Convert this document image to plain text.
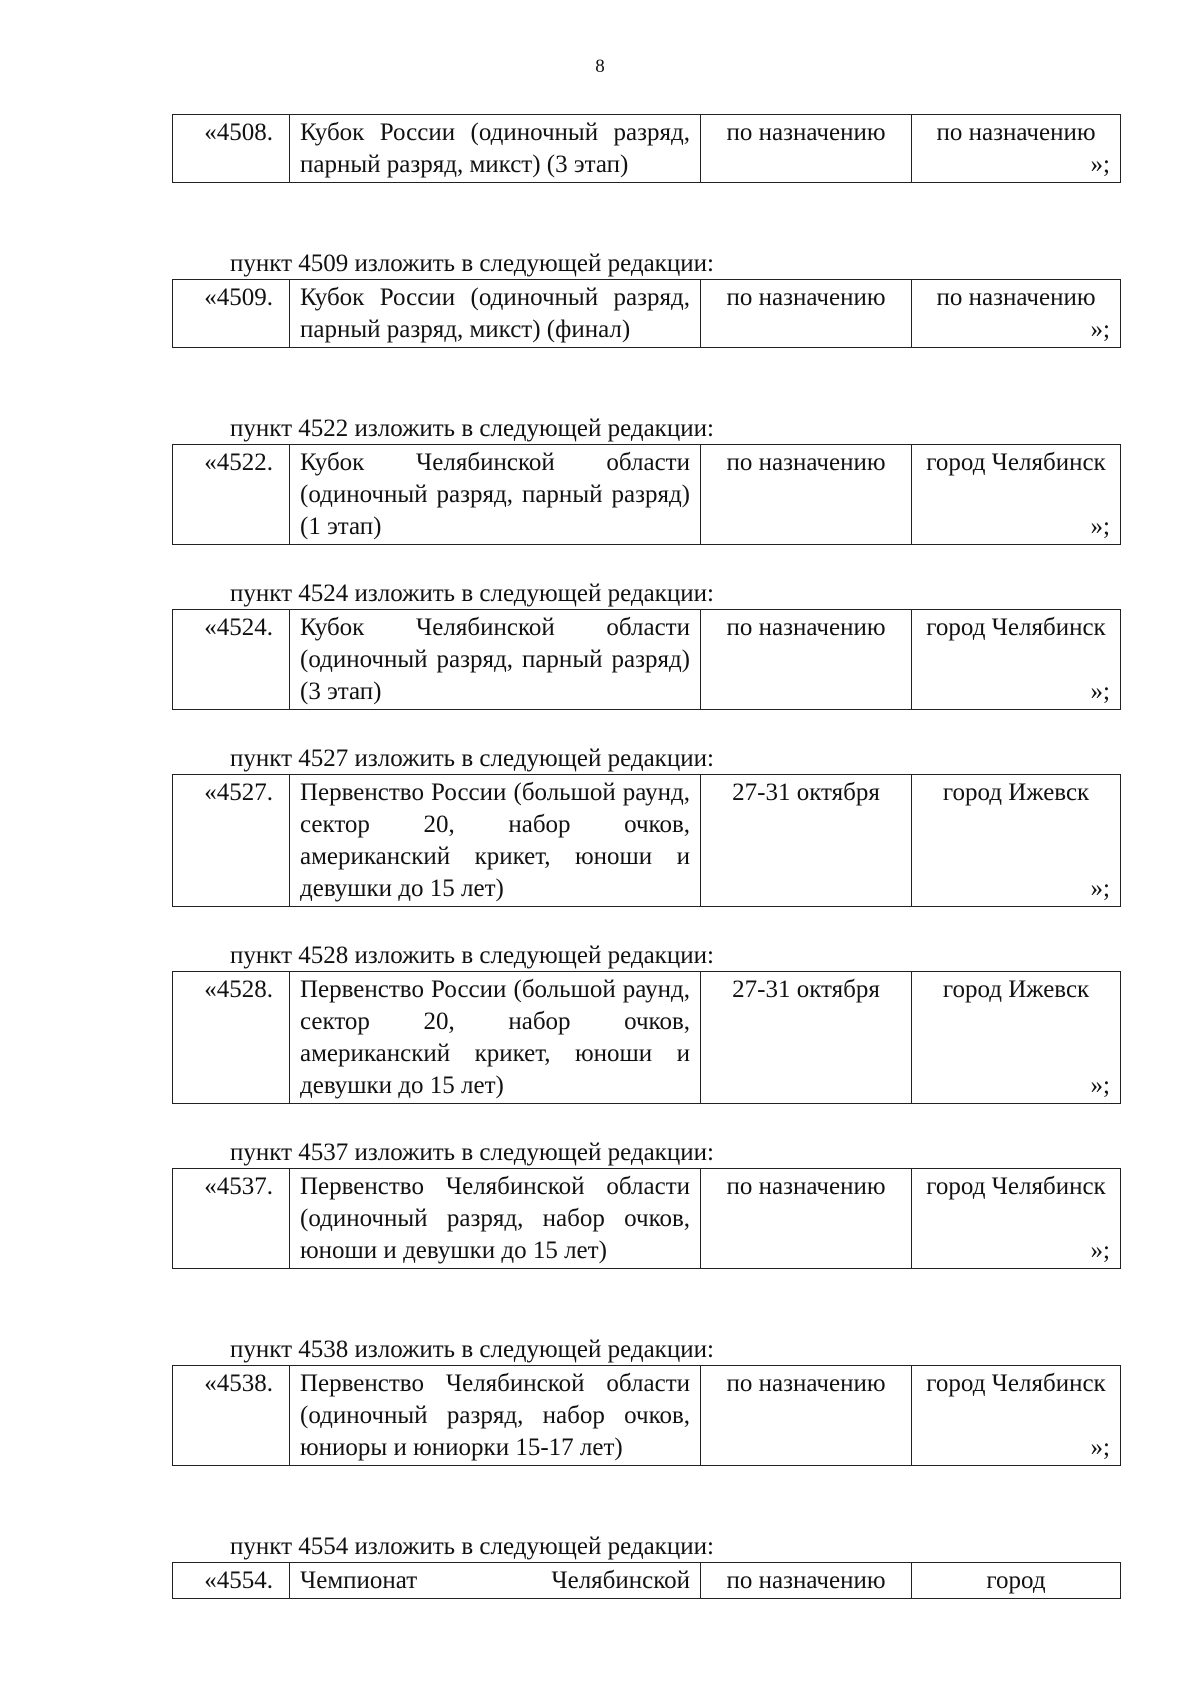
8
«4508.	Кубок России (одиночный разряд, парный разряд, микст) (3 этап)	по назначению	по назначению

»;
пункт 4509 изложить в следующей редакции:
«4509.	Кубок России (одиночный разряд, парный разряд, микст) (финал)	по назначению	по назначению

»;
пункт 4522 изложить в следующей редакции:
«4522.	Кубок Челябинской области (одиночный разряд, парный разряд) (1 этап)	по назначению	город Челябинск

»;
пункт 4524 изложить в следующей редакции:
«4524.	Кубок Челябинской области (одиночный разряд, парный разряд) (3 этап)	по назначению	город Челябинск

»;
пункт 4527 изложить в следующей редакции:
«4527.	Первенство России (большой раунд, сектор 20, набор очков, американский крикет, юноши и девушки до 15 лет)	27-31 октября	город Ижевск
»;
пункт 4528 изложить в следующей редакции:
«4528.	Первенство России (большой раунд, сектор 20, набор очков, американский крикет, юноши и девушки до 15 лет)	27-31 октября	город Ижевск
»;
пункт 4537 изложить в следующей редакции:
«4537.	Первенство Челябинской области (одиночный разряд, набор очков, юноши и девушки до 15 лет)	по назначению	город Челябинск
»;
пункт 4538 изложить в следующей редакции:
«4538.	Первенство Челябинской области (одиночный разряд, набор очков, юниоры и юниорки 15-17 лет)	по назначению	город Челябинск
»;
пункт 4554 изложить в следующей редакции:
«4554.	Чемпионат Челябинской	по назначению	город
